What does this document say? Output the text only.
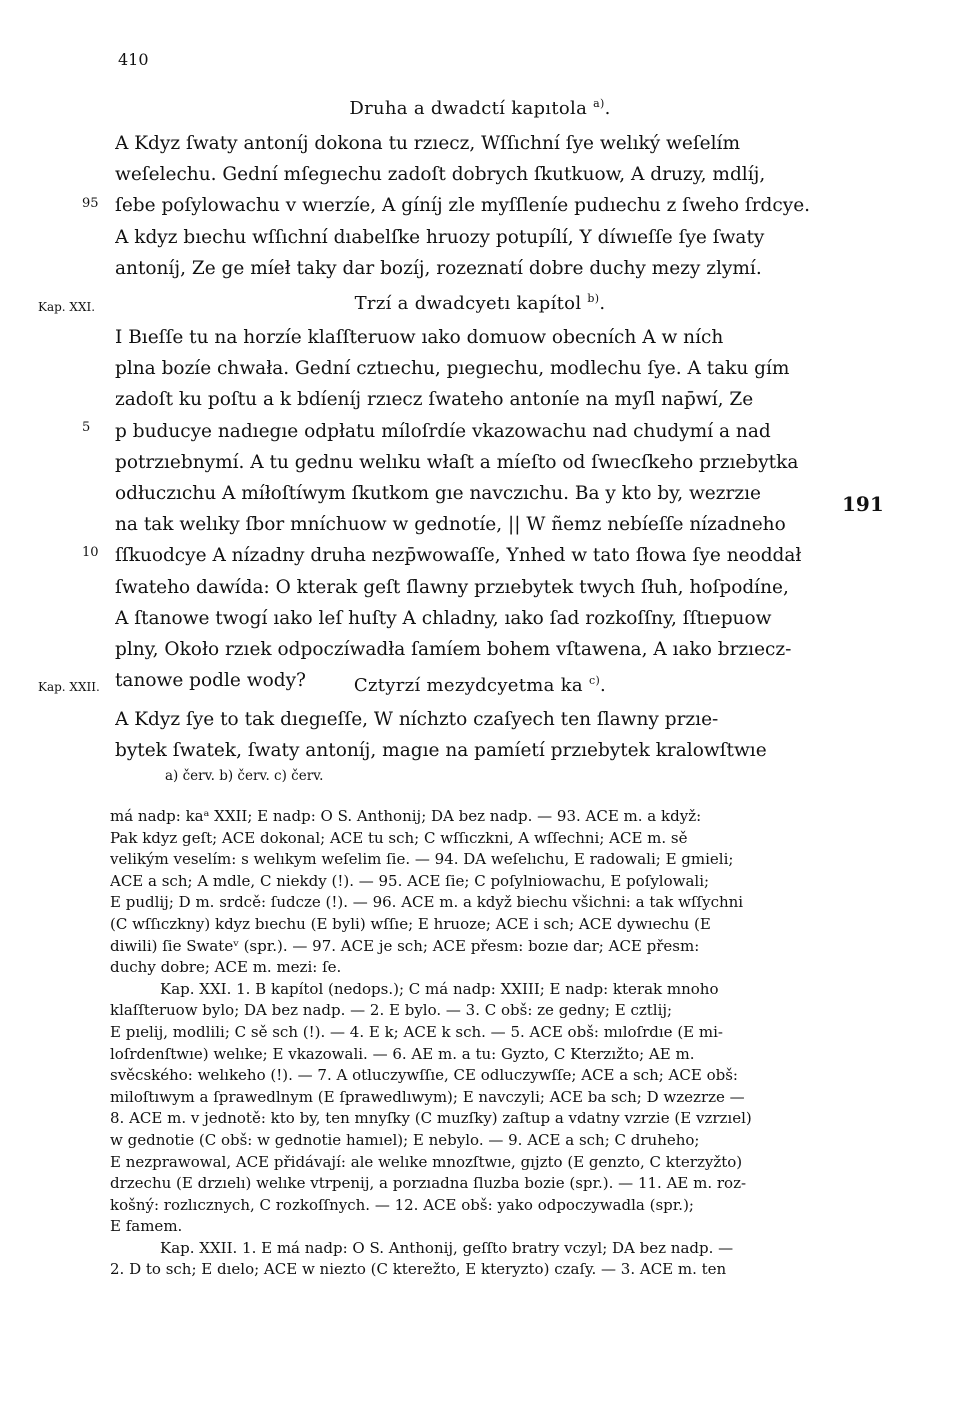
410
Druha a dwadctí kapıtola $^{a)}$.
A Kdyz ſwaty antoníj dokona tu rzıecz, Wſſıchní ſye welıký weſelím
weſelechu. Gední mſegıechu zadoſt dobrych ſkutkuow, A druzy, mdlíj,
ſebe poſylowachu v wıerzíe, A gíníj zle myſſleníe pudıechu z ſweho ſrdcye.
A kdyz bıechu wſſıchní dıabelſke hruozy potupílí, Y díwıeſſe ſye ſwaty
antoníj, Ze ge míeł taky dar bozíj, rozeznatí dobre duchy mezy zlymí.
95
Kap. XXI.	Trzí a dwadcyetı kapítol $^{b)}$.
I Bıeſſe tu na horzíe klaſſteruow ıako domuow obecních A w ních
plna bozíe chwała. Gední cztıechu, pıegıechu, modlechu ſye. A taku gím
zadoſt ku poſtu a k bdíeníj rzıecz ſwateho antoníe na myſl nap̄wí, Ze
p buducye nadıegıe odpłatu míloſrdíe vkazowachu nad chudymí a nad
potrzıebnymí. A tu gednu welıku właſt a míeſto od ſwıecſkeho przıebytka
odłuczıchu A míłoſtíwym ſkutkom gıe navczıchu. Ba y kto by, wezrzıe
na tak welıky ſbor mníchuow w gednotíe, || W ñemz nebíeſſe nízadneho
ſſkuodcye A nízadny druha nezp̄wowaſſe, Ynhed w tato ſłowa ſye neoddał
ſwateho dawída: O kterak geſt ſlawny przıebytek twych ſłuh, hoſpodíne,
A ſtanowe twogí ıako leſ huſty A chladny, ıako ſad rozkoſſny, ſſtıepuow
plny, Około rzıek odpoczíwadła ſamíem bohem vſtawena, A ıako brzıecz-
tanowe podle wody?
5
10
191
Kap. XXII.	Cztyrzí mezydcyetma ka $^{c)}$.
A Kdyz ſye to tak dıegıeſſe, W níchzto czaſyech ten ſlawny przıe-
bytek ſwatek, ſwaty antoníj, magıe na pamíetí przıebytek kralowſtwıe
a) červ. b) červ. c) červ.
má nadp: kaᵃ XXII; E nadp: O S. Anthonij; DA bez nadp. — 93. ACE m. a když:
Pak kdyz geſt; ACE dokonal; ACE tu sch; C wſſıczkni, A wſſechni; ACE m. sě
velikým veselím: s welıkym weſelim ſie. — 94. DA weſelıchu, E radowali; E gmieli;
ACE a sch; A mdle, C niekdy (!). — 95. ACE ſie; C poſylniowachu, E poſylowali;
E pudlij; D m. srdcě: ſudcze (!). — 96. ACE m. a když biechu všichni: a tak wſſychni
(C wſſıczkny) kdyz bıechu (E byli) wſſıe; E hruoze; ACE i sch; ACE dywıechu (E
diwili) ſie Swateᵛ (spr.). — 97. ACE je sch; ACE přesm: bozıe dar; ACE přesm:
duchy dobre; ACE m. mezi: ſe.
Kap. XXI. 1. B kapítol (nedops.); C má nadp: XXIII; E nadp: kterak mnoho
klaſſteruow bylo; DA bez nadp. — 2. E bylo. — 3. C obš: ze gedny; E cztlij;
E pıelij, modlili; C sě sch (!). — 4. E k; ACE k sch. — 5. ACE obš: mıloſrdıe (E mi-
loſrdenſtwıe) welıke; E vkazowali. — 6. AE m. a tu: Gyzto, C Kterzıžto; AE m.
svěcského: welıkeho (!). — 7. A otluczywſſıe, CE odluczywſſe; ACE a sch; ACE obš:
miloſtıwym a ſprawedlnym (E ſprawedlıwym); E navczyli; ACE ba sch; D wzezrze —
8. ACE m. v jednotě: kto by, ten mnyſky (C muzſky) zaſtup a vdatny vzrzie (E vzrzıel)
w gednotie (C obš: w gednotie hamıel); E nebylo. — 9. ACE a sch; C druheho;
E nezprawowal, ACE přidávají: ale welıke mnozſtwıe, gıjzto (E genzto, C kterzyžto)
drzechu (E drzıelı) welıke vtrpenij, a porzıadna ſluzba bozie (spr.). — 11. AE m. roz-
košný: rozlıcznych, C rozkoſſnych. — 12. ACE obš: yako odpoczywadla (spr.);
E famem.
Kap. XXII. 1. E má nadp: O S. Anthonij, geſſto bratry vczyl; DA bez nadp. —
2. D to sch; E dıelo; ACE w niezto (C kterežto, E kteryzto) czaſy. — 3. ACE m. ten
